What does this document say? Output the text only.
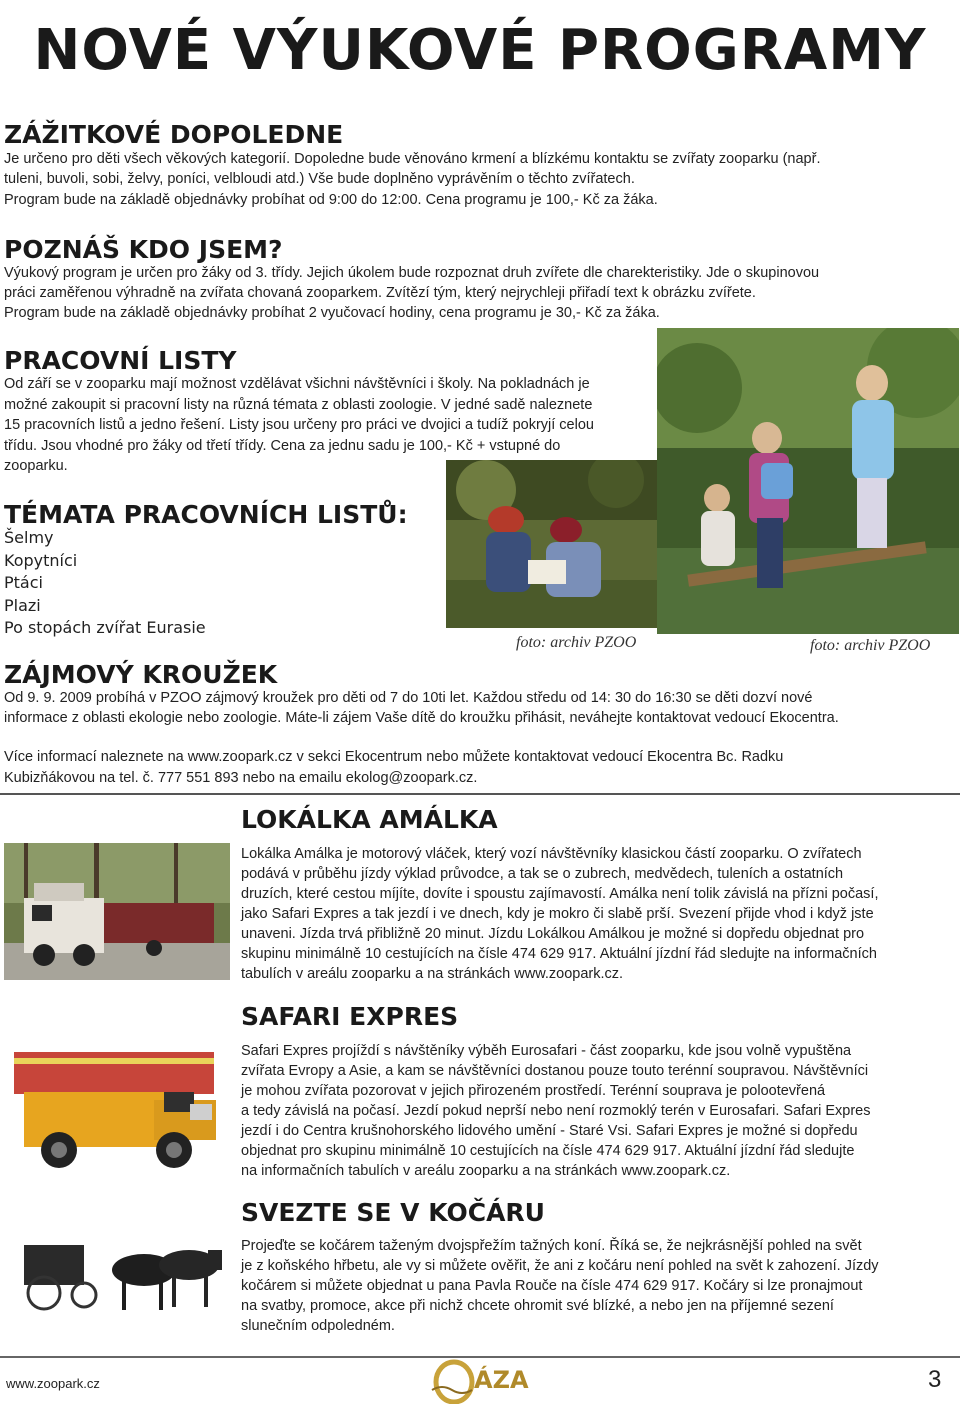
NOVÉ VÝUKOVÉ PROGRAMY
ZÁŽITKOVÉ DOPOLEDNE

Je určeno pro děti všech věkových kategorií. Dopoledne bude věnováno krmení a blízkému kontaktu se zvířaty zooparku (např.

tuleni, buvoli, sobi, želvy, poníci, velbloudi atd.) Vše bude doplněno vyprávěním o těchto zvířatech.

Program bude na základě objednávky probíhat od 9:00 do 12:00. Cena programu je 100,- Kč za žáka.

POZNÁŠ KDO JSEM?

Výukový program je určen pro žáky od 3. třídy. Jejich úkolem bude rozpoznat druh zvířete dle charekteristiky. Jde o skupinovou

práci zaměřenou výhradně na zvířata chovaná zooparkem. Zvítězí tým, který nejrychleji přiřadí text k obrázku zvířete.

Program bude na základě objednávky probíhat 2 vyučovací hodiny, cena programu je 30,- Kč za žáka.

PRACOVNÍ LISTY

Od září se v zooparku mají možnost vzdělávat všichni návštěvníci i školy. Na pokladnách je

možné zakoupit si pracovní listy na různá témata z oblasti zoologie. V jedné sadě naleznete

15 pracovních listů a jedno řešení. Listy jsou určeny pro práci ve dvojici a tudíž pokryjí celou

třídu. Jsou vhodné pro žáky od třetí třídy. Cena za jednu sadu je 100,- Kč + vstupné do

zooparku.

TÉMATA PRACOVNÍCH LISTŮ:
Šelmy
Kopytníci
Ptáci
Plazi
Po stopách zvířat Eurasie
foto: archiv PZOO	foto: archiv PZOO
ZÁJMOVÝ KROUŽEK

Od 9. 9. 2009 probíhá v PZOO zájmový kroužek pro děti od 7 do 10ti let. Každou středu od 14: 30 do 16:30 se děti dozví nové

informace z oblasti ekologie nebo zoologie. Máte-li zájem Vaše dítě do kroužku přihásit, neváhejte kontaktovat vedoucí Ekocentra.

Více informací naleznete na www.zoopark.cz v sekci Ekocentrum nebo můžete kontaktovat vedoucí Ekocentra Bc. Radku

Kubizňákovou na tel. č. 777 551 893 nebo na emailu ekolog@zoopark.cz.

LOKÁLKA AMÁLKA

Lokálka Amálka je motorový vláček, který vozí návštěvníky klasickou částí zooparku. O zvířatech

podává v průběhu jízdy výklad průvodce, a tak se o zubrech, medvědech, tuleních a ostatních

druzích, které cestou míjíte, dovíte i spoustu zajímavostí. Amálka není tolik závislá na přízni počasí,

jako Safari Expres a tak jezdí i ve dnech, kdy je mokro či slabě prší. Svezení přijde vhod i když jste

unaveni. Jízda trvá přibližně 20 minut. Jízdu Lokálkou Amálkou je možné si dopředu objednat pro

skupinu minimálně 10 cestujících na čísle 474 629 917. Aktuální jízdní řád sledujte na informačních

tabulích v areálu zooparku a na stránkách www.zoopark.cz.

SAFARI EXPRES

Safari Expres projíždí s návštěníky výběh Eurosafari - část zooparku, kde jsou volně vypuštěna

zvířata Evropy a Asie, a kam se návštěvníci dostanou pouze touto terénní soupravou. Návštěvníci

je mohou zvířata pozorovat v jejich přirozeném prostředí. Terénní souprava je polootevřená

a tedy závislá na počasí. Jezdí pokud neprší nebo není rozmoklý terén v Eurosafari. Safari Expres

jezdí i do Centra krušnohorského lidového umění - Staré Vsi. Safari Expres je možné si dopředu

objednat pro skupinu minimálně 10 cestujících na čísle 474 629 917. Aktuální jízdní řád sledujte

na informačních tabulích v areálu zooparku a na stránkách www.zoopark.cz.

SVEZTE SE V KOČÁRU

Projeďte se kočárem taženým dvojspřežím tažných koní. Říká se, že nejkrásnější pohled na svět

je z koňského hřbetu, ale vy si můžete ověřit, že ani z kočáru není pohled na svět k zahození. Jízdy

kočárem si můžete objednat u pana Pavla Rouče na čísle 474 629 917. Kočáry si lze pronajmout

na svatby, promoce, akce při nichž chcete ohromit své blízké, a nebo jen na příjemné sezení

slunečním odpoledném.

www.zoopark.cz	ÁZA	3
